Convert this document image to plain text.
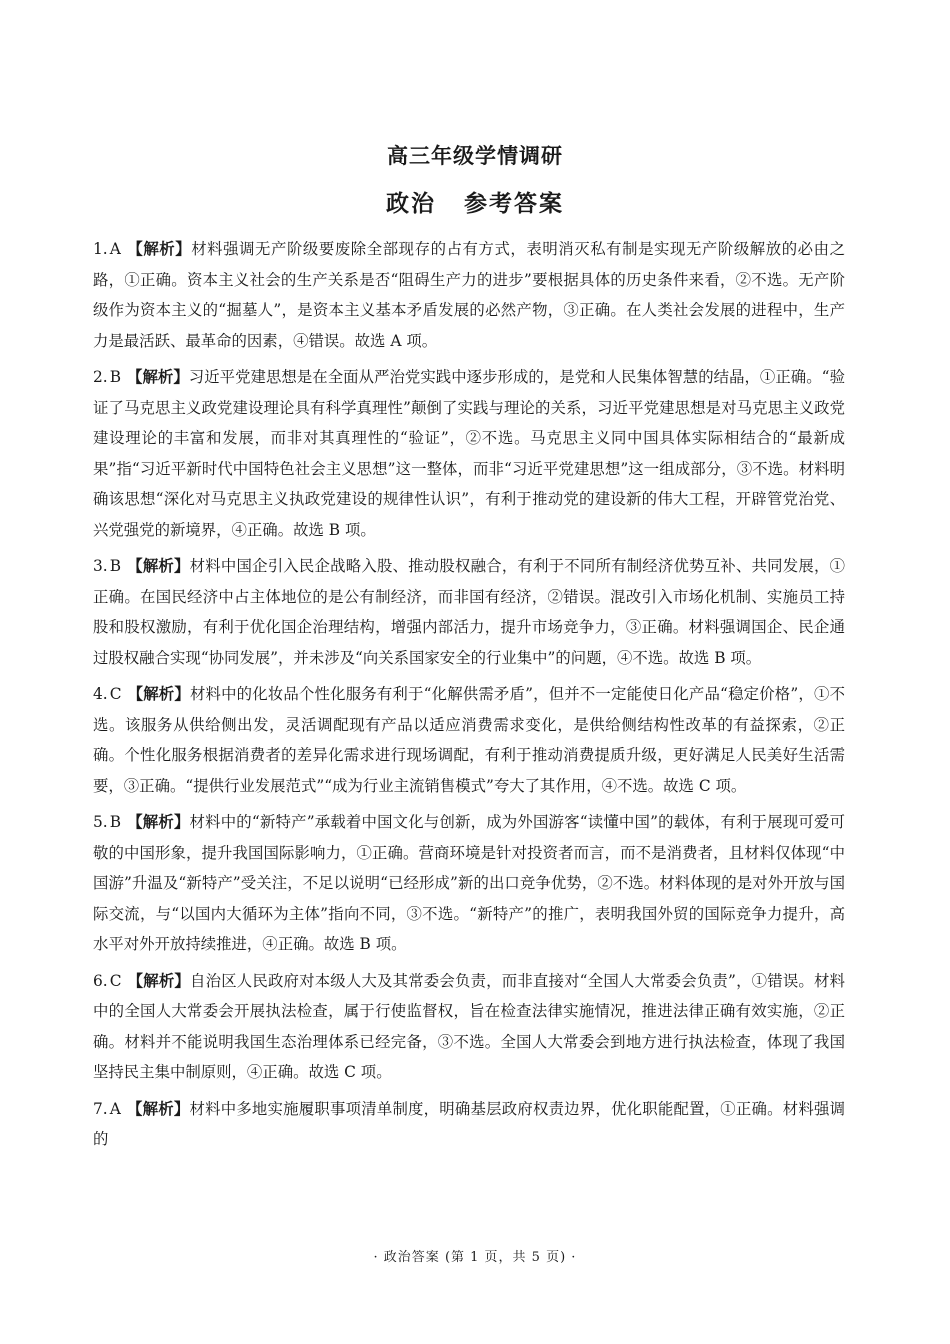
高三年级学情调研
政治 参考答案
1. A 【解析】材料强调无产阶级要废除全部现存的占有方式，表明消灭私有制是实现无产阶级解放的必由之路，①正确。资本主义社会的生产关系是否“阻碍生产力的进步”要根据具体的历史条件来看，②不选。无产阶级作为资本主义的“掘墓人”，是资本主义基本矛盾发展的必然产物，③正确。在人类社会发展的进程中，生产力是最活跃、最革命的因素，④错误。故选 A 项。
2. B 【解析】习近平党建思想是在全面从严治党实践中逐步形成的，是党和人民集体智慧的结晶，①正确。“验证了马克思主义政党建设理论具有科学真理性”颠倒了实践与理论的关系，习近平党建思想是对马克思主义政党建设理论的丰富和发展，而非对其真理性的“验证”，②不选。马克思主义同中国具体实际相结合的“最新成果”指“习近平新时代中国特色社会主义思想”这一整体，而非“习近平党建思想”这一组成部分，③不选。材料明确该思想“深化对马克思主义执政党建设的规律性认识”，有利于推动党的建设新的伟大工程，开辟管党治党、兴党强党的新境界，④正确。故选 B 项。
3. B 【解析】材料中国企引入民企战略入股、推动股权融合，有利于不同所有制经济优势互补、共同发展，①正确。在国民经济中占主体地位的是公有制经济，而非国有经济，②错误。混改引入市场化机制、实施员工持股和股权激励，有利于优化国企治理结构，增强内部活力，提升市场竞争力，③正确。材料强调国企、民企通过股权融合实现“协同发展”，并未涉及“向关系国家安全的行业集中”的问题，④不选。故选 B 项。
4. C 【解析】材料中的化妆品个性化服务有利于“化解供需矛盾”，但并不一定能使日化产品“稳定价格”，①不选。该服务从供给侧出发，灵活调配现有产品以适应消费需求变化，是供给侧结构性改革的有益探索，②正确。个性化服务根据消费者的差异化需求进行现场调配，有利于推动消费提质升级，更好满足人民美好生活需要，③正确。“提供行业发展范式”“成为行业主流销售模式”夸大了其作用，④不选。故选 C 项。
5. B 【解析】材料中的“新特产”承载着中国文化与创新，成为外国游客“读懂中国”的载体，有利于展现可爱可敬的中国形象，提升我国国际影响力，①正确。营商环境是针对投资者而言，而不是消费者，且材料仅体现“中国游”升温及“新特产”受关注，不足以说明“已经形成”新的出口竞争优势，②不选。材料体现的是对外开放与国际交流，与“以国内大循环为主体”指向不同，③不选。“新特产”的推广，表明我国外贸的国际竞争力提升，高水平对外开放持续推进，④正确。故选 B 项。
6. C 【解析】自治区人民政府对本级人大及其常委会负责，而非直接对“全国人大常委会负责”，①错误。材料中的全国人大常委会开展执法检查，属于行使监督权，旨在检查法律实施情况，推进法律正确有效实施，②正确。材料并不能说明我国生态治理体系已经完备，③不选。全国人大常委会到地方进行执法检查，体现了我国坚持民主集中制原则，④正确。故选 C 项。
7. A 【解析】材料中多地实施履职事项清单制度，明确基层政府权责边界，优化职能配置，①正确。材料强调的
· 政治答案 (第 1 页，共 5 页) ·
